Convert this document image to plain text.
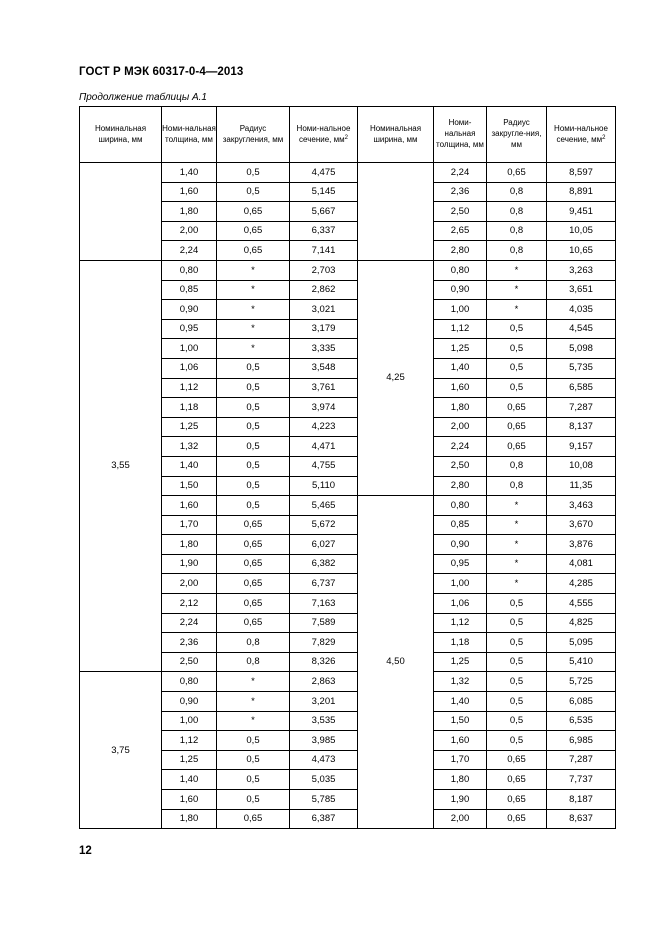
ГОСТ Р МЭК 60317-0-4—2013
Продолжение таблицы А.1
Номинальная ширина, мм	Номи-нальная толщина, мм	Радиус закругления, мм	Номи-нальное сечение, $мм^2$	Номинальная ширина, мм	Номи-нальная толщина, мм	Радиус закругле-ния, мм	Номи-нальное сечение, $мм^2$
	1,40	0,5	4,475		2,24	0,65	8,597
	1,60	0,5	5,145		2,36	0,8	8,891
	1,80	0,65	5,667		2,50	0,8	9,451
	2,00	0,65	6,337		2,65	0,8	10,05
	2,24	0,65	7,141		2,80	0,8	10,65
3,55	0,80	*	2,703	4,25	0,80	*	3,263
	0,85	*	2,862		0,90	*	3,651
	0,90	*	3,021		1,00	*	4,035
	0,95	*	3,179		1,12	0,5	4,545
	1,00	*	3,335		1,25	0,5	5,098
	1,06	0,5	3,548		1,40	0,5	5,735
	1,12	0,5	3,761		1,60	0,5	6,585
	1,18	0,5	3,974		1,80	0,65	7,287
	1,25	0,5	4,223		2,00	0,65	8,137
	1,32	0,5	4,471		2,24	0,65	9,157
	1,40	0,5	4,755		2,50	0,8	10,08
	1,50	0,5	5,110		2,80	0,8	11,35
	1,60	0,5	5,465	4,50	0,80	*	3,463
	1,70	0,65	5,672		0,85	*	3,670
	1,80	0,65	6,027		0,90	*	3,876
	1,90	0,65	6,382		0,95	*	4,081
	2,00	0,65	6,737		1,00	*	4,285
	2,12	0,65	7,163		1,06	0,5	4,555
	2,24	0,65	7,589		1,12	0,5	4,825
	2,36	0,8	7,829		1,18	0,5	5,095
	2,50	0,8	8,326		1,25	0,5	5,410
3,75	0,80	*	2,863		1,32	0,5	5,725
	0,90	*	3,201		1,40	0,5	6,085
	1,00	*	3,535		1,50	0,5	6,535
	1,12	0,5	3,985		1,60	0,5	6,985
	1,25	0,5	4,473		1,70	0,65	7,287
	1,40	0,5	5,035		1,80	0,65	7,737
	1,60	0,5	5,785		1,90	0,65	8,187
	1,80	0,65	6,387		2,00	0,65	8,637
12
